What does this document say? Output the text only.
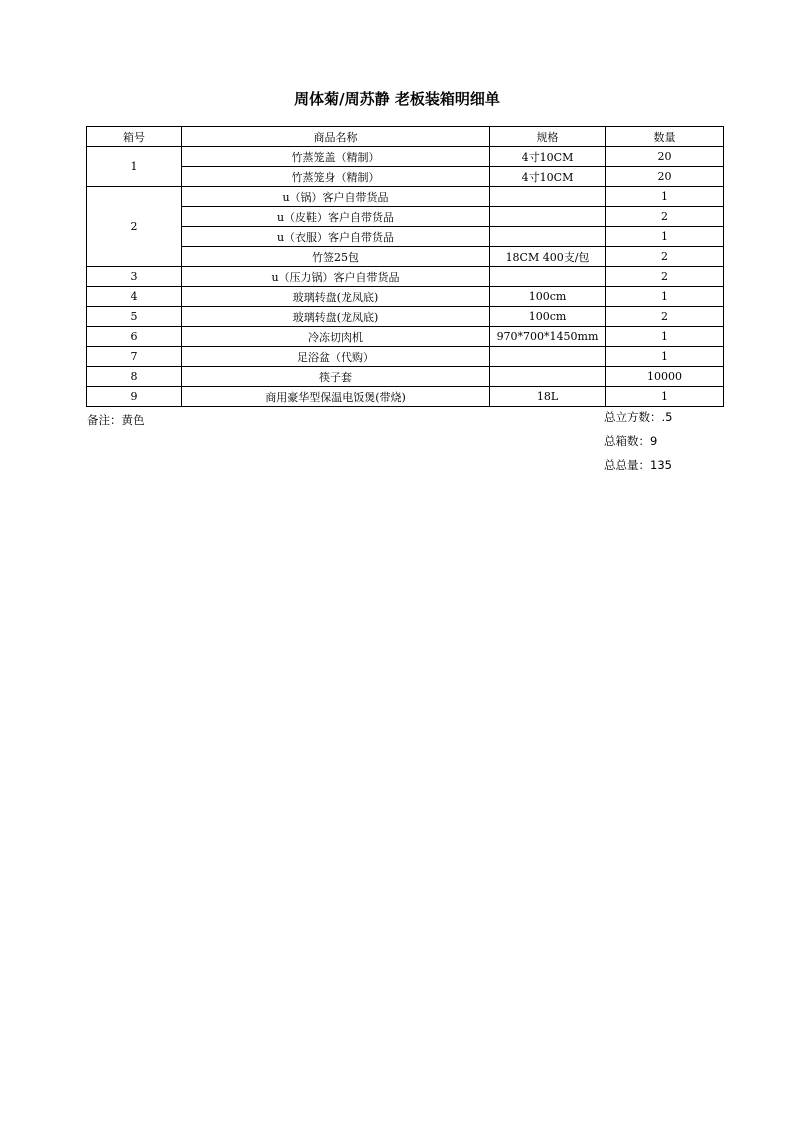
周体菊/周苏静 老板装箱明细单
箱号	商品名称	规格	数量
1	竹蒸笼盖（精制）	4寸10CM	20
	竹蒸笼身（精制）	4寸10CM	20
2	u（锅）客户自带货品		1
	u（皮鞋）客户自带货品		2
	u（衣服）客户自带货品		1
	竹签25包	18CM 400支/包	2
3	u（压力锅）客户自带货品		2
4	玻璃转盘(龙凤底)	100cm	1
5	玻璃转盘(龙凤底)	100cm	2
6	冷冻切肉机	970*700*1450mm	1
7	足浴盆（代购）		1
8	筷子套		10000
9	商用豪华型保温电饭煲(带烧)	18L	1
备注：黄色	总立方数：.5
总箱数：9
总总量：135
